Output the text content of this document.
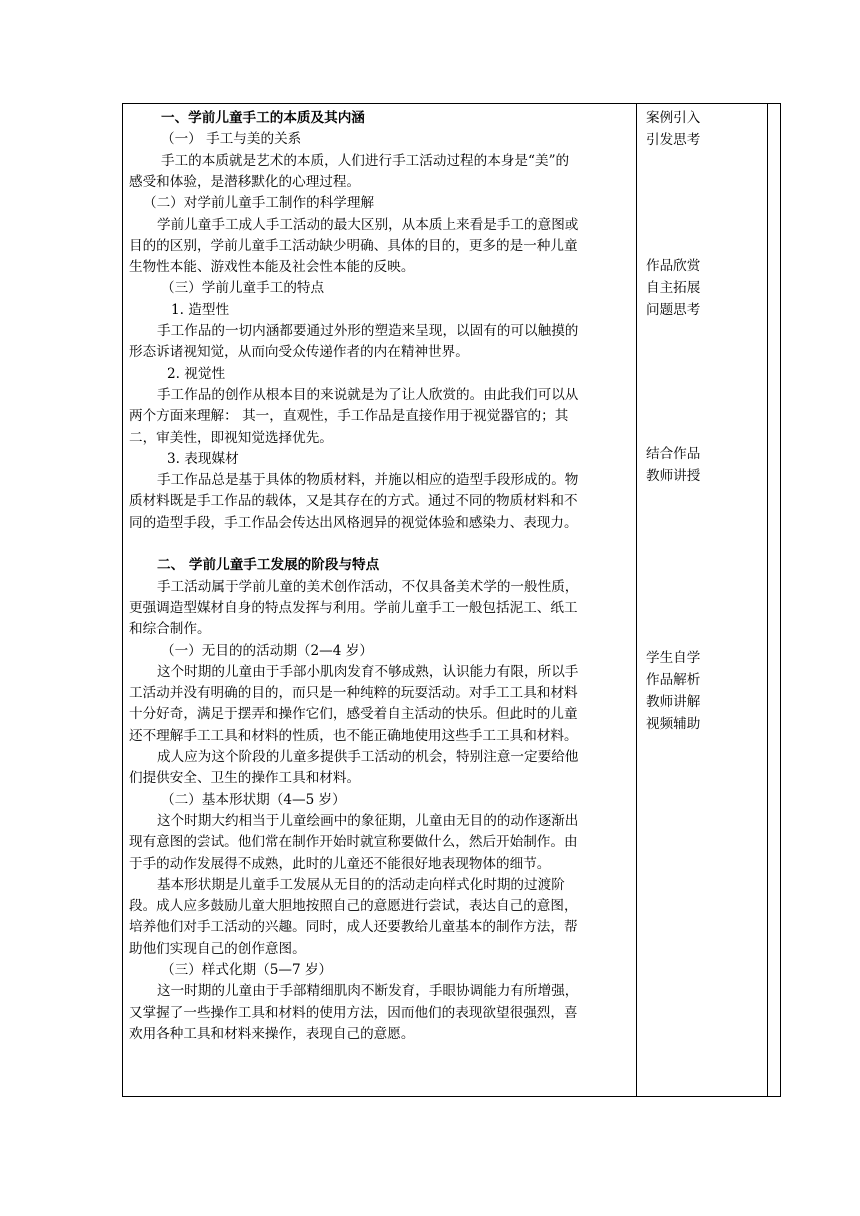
一、学前儿童手工的本质及其内涵
（一） 手工与美的关系
手工的本质就是艺术的本质，人们进行手工活动过程的本身是“美”的
感受和体验，是潜移默化的心理过程。
（二）对学前儿童手工制作的科学理解
学前儿童手工成人手工活动的最大区别，从本质上来看是手工的意图或
目的的区别，学前儿童手工活动缺少明确、具体的目的，更多的是一种儿童
生物性本能、游戏性本能及社会性本能的反映。
（三）学前儿童手工的特点
1. 造型性
手工作品的一切内涵都要通过外形的塑造来呈现，以固有的可以触摸的
形态诉诸视知觉，从而向受众传递作者的内在精神世界。
2. 视觉性
手工作品的创作从根本目的来说就是为了让人欣赏的。由此我们可以从
两个方面来理解： 其一，直观性，手工作品是直接作用于视觉器官的；其
二，审美性，即视知觉选择优先。
3. 表现媒材
手工作品总是基于具体的物质材料，并施以相应的造型手段形成的。物
质材料既是手工作品的载体，又是其存在的方式。通过不同的物质材料和不
同的造型手段，手工作品会传达出风格迥异的视觉体验和感染力、表现力。
二、 学前儿童手工发展的阶段与特点
手工活动属于学前儿童的美术创作活动，不仅具备美术学的一般性质，
更强调造型媒材自身的特点发挥与利用。学前儿童手工一般包括泥工、纸工
和综合制作。
（一）无目的的活动期（2—4 岁）
这个时期的儿童由于手部小肌肉发育不够成熟，认识能力有限，所以手
工活动并没有明确的目的，而只是一种纯粹的玩耍活动。对手工工具和材料
十分好奇，满足于摆弄和操作它们，感受着自主活动的快乐。但此时的儿童
还不理解手工工具和材料的性质，也不能正确地使用这些手工工具和材料。
成人应为这个阶段的儿童多提供手工活动的机会，特别注意一定要给他
们提供安全、卫生的操作工具和材料。
（二）基本形状期（4—5 岁）
这个时期大约相当于儿童绘画中的象征期，儿童由无目的的动作逐渐出
现有意图的尝试。他们常在制作开始时就宣称要做什么，然后开始制作。由
于手的动作发展得不成熟，此时的儿童还不能很好地表现物体的细节。
基本形状期是儿童手工发展从无目的的活动走向样式化时期的过渡阶
段。成人应多鼓励儿童大胆地按照自己的意愿进行尝试，表达自己的意图，
培养他们对手工活动的兴趣。同时，成人还要教给儿童基本的制作方法，帮
助他们实现自己的创作意图。
（三）样式化期（5—7 岁）
这一时期的儿童由于手部精细肌肉不断发育，手眼协调能力有所增强，
又掌握了一些操作工具和材料的使用方法，因而他们的表现欲望很强烈，喜
欢用各种工具和材料来操作，表现自己的意愿。
案例引入
引发思考
作品欣赏
自主拓展
问题思考
结合作品
教师讲授
学生自学
作品解析
教师讲解
视频辅助
